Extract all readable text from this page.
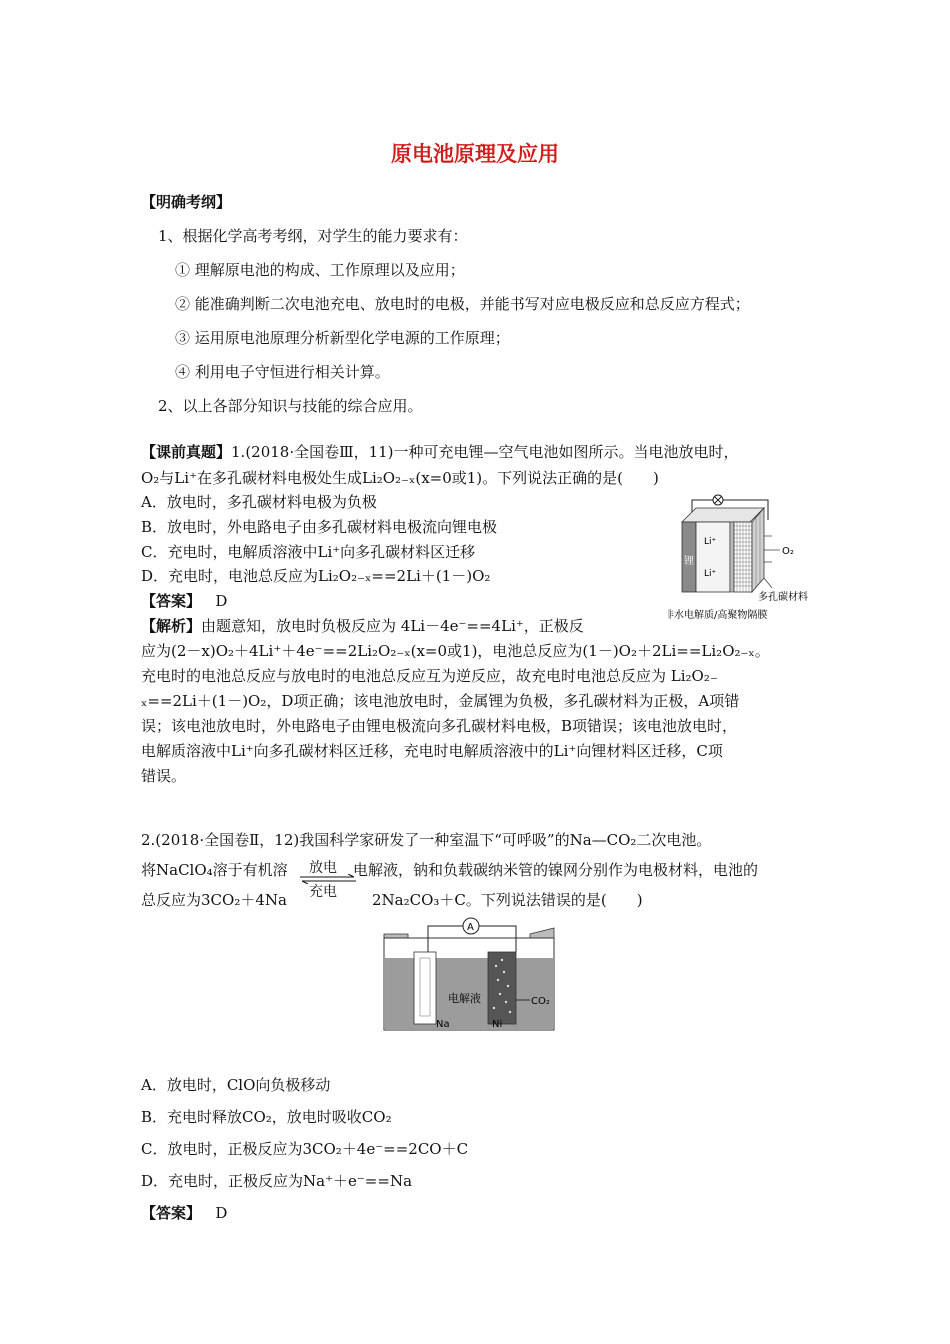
原电池原理及应用
【明确考纲】
1、根据化学高考考纲，对学生的能力要求有：
① 理解原电池的构成、工作原理以及应用；
② 能准确判断二次电池充电、放电时的电极，并能书写对应电极反应和总反应方程式；
③ 运用原电池原理分析新型化学电源的工作原理；
④ 利用电子守恒进行相关计算。
2、以上各部分知识与技能的综合应用。
【课前真题】1.(2018·全国卷Ⅲ，11)一种可充电锂—空气电池如图所示。当电池放电时，
O₂与Li⁺在多孔碳材料电极处生成Li₂O₂₋ₓ(x=0或1)。下列说法正确的是(　　)
A．放电时，多孔碳材料电极为负极
B．放电时，外电路电子由多孔碳材料电极流向锂电极
C．充电时，电解质溶液中Li⁺向多孔碳材料区迁移
D．充电时，电池总反应为Li₂O₂₋ₓ==2Li＋(1－)O₂
【答案】 D
【解析】由题意知，放电时负极反应为 4Li－4e⁻==4Li⁺，正极反
应为(2－x)O₂＋4Li⁺＋4e⁻==2Li₂O₂₋ₓ(x=0或1)，电池总反应为(1－)O₂＋2Li==Li₂O₂₋ₓ。
充电时的电池总反应与放电时的电池总反应互为逆反应，故充电时电池总反应为 Li₂O₂₋
ₓ==2Li＋(1－)O₂，D项正确；该电池放电时，金属锂为负极，多孔碳材料为正极，A项错
误；该电池放电时，外电路电子由锂电极流向多孔碳材料电极，B项错误；该电池放电时，
电解质溶液中Li⁺向多孔碳材料区迁移，充电时电解质溶液中的Li⁺向锂材料区迁移，C项
错误。
锂
Li⁺
Li⁺
O₂
多孔碳材料
非水电解质/高聚物隔膜
2.(2018·全国卷Ⅱ，12)我国科学家研发了一种室温下“可呼吸”的Na—CO₂二次电池。
将NaClO₄溶于有机溶 放电 电解液，钠和负载碳纳米管的镍网分别作为电极材料，电池的
总反应为3CO₂＋4Na 充电 2Na₂CO₃＋C。下列说法错误的是(　　)
A
电解液	CO₂
Na	Ni
A．放电时，ClO向负极移动
B．充电时释放CO₂，放电时吸收CO₂
C．放电时，正极反应为3CO₂＋4e⁻==2CO＋C
D．充电时，正极反应为Na⁺＋e⁻==Na
【答案】 D
